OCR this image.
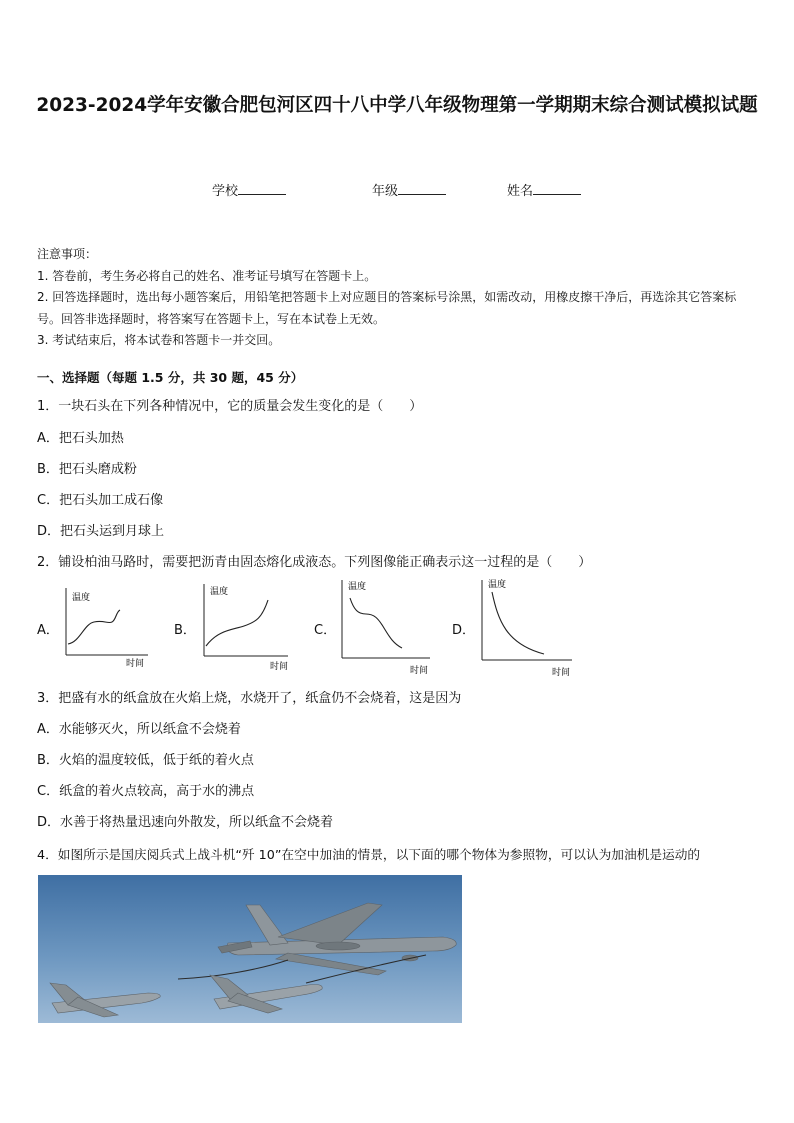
2023-2024学年安徽合肥包河区四十八中学八年级物理第一学期期末综合测试模拟试题
学校	年级	姓名
注意事项：
1. 答卷前，考生务必将自己的姓名、准考证号填写在答题卡上。
2. 回答选择题时，选出每小题答案后，用铅笔把答题卡上对应题目的答案标号涂黑，如需改动，用橡皮擦干净后，再选涂其它答案标号。回答非选择题时，将答案写在答题卡上，写在本试卷上无效。
3. 考试结束后，将本试卷和答题卡一并交回。
一、选择题（每题 1.5 分，共 30 题，45 分）
1．一块石头在下列各种情况中，它的质量会发生变化的是（　　）
A．把石头加热
B．把石头磨成粉
C．把石头加工成石像
D．把石头运到月球上
2．铺设柏油马路时，需要把沥青由固态熔化成液态。下列图像能正确表示这一过程的是（　　）
A．
温度
时间
B．
温度
时间
C．
温度
时间
D．
温度
时间
3．把盛有水的纸盒放在火焰上烧，水烧开了，纸盒仍不会烧着，这是因为
A．水能够灭火，所以纸盒不会烧着
B．火焰的温度较低，低于纸的着火点
C．纸盒的着火点较高，高于水的沸点
D．水善于将热量迅速向外散发，所以纸盒不会烧着
4．如图所示是国庆阅兵式上战斗机“歼 10”在空中加油的情景，以下面的哪个物体为参照物，可以认为加油机是运动的
